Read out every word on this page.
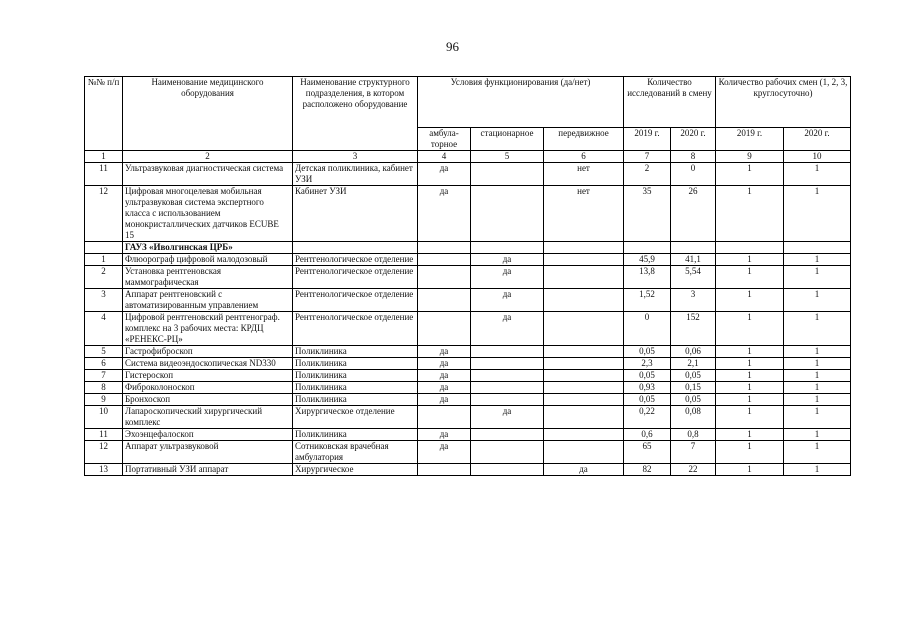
96
№№ п/п	Наименование медицинского оборудования	Наименование структурного подразделения, в котором расположено оборудование	Условия функционирования (да/нет)			Количество исследований в смену		Количество рабочих смен (1, 2, 3, круглосуточно)	
			амбула-торное	стационарное	передвижное	2019 г.	2020 г.	2019 г.	2020 г.
1	2	3	4	5	6	7	8	9	10
11	Ультразвуковая диагностическая система	Детская поликлиника, кабинет УЗИ	да		нет	2	0	1	1
12	Цифровая многоцелевая мобильная ультразвуковая система экспертного класса с использованием монокристаллических датчиков ECUBE 15	Кабинет УЗИ	да		нет	35	26	1	1
	ГАУЗ «Иволгинская ЦРБ»								
1	Флюорограф цифровой малодозовый	Рентгенологическое отделение		да		45,9	41,1	1	1
2	Установка рентгеновская маммографическая	Рентгенологическое отделение		да		13,8	5,54	1	1
3	Аппарат рентгеновский с автоматизированным управлением	Рентгенологическое отделение		да		1,52	3	1	1
4	Цифровой рентгеновский рентгенограф. комплекс на 3 рабочих места: КРДЦ «РЕНЕКС-РЦ»	Рентгенологическое отделение		да		0	152	1	1
5	Гастрофиброскоп	Поликлиника	да			0,05	0,06	1	1
6	Система видеоэндоскопическая ND330	Поликлиника	да			2,3	2,1	1	1
7	Гистероскоп	Поликлиника	да			0,05	0,05	1	1
8	Фиброколоноскоп	Поликлиника	да			0,93	0,15	1	1
9	Бронхоскоп	Поликлиника	да			0,05	0,05	1	1
10	Лапароскопический хирургический комплекс	Хирургическое отделение		да		0,22	0,08	1	1
11	Эхоэнцефалоскоп	Поликлиника	да			0,6	0,8	1	1
12	Аппарат ультразвуковой	Сотниковская врачебная амбулатория	да			65	7	1	1
13	Портативный УЗИ аппарат	Хирургическое			да	82	22	1	1
